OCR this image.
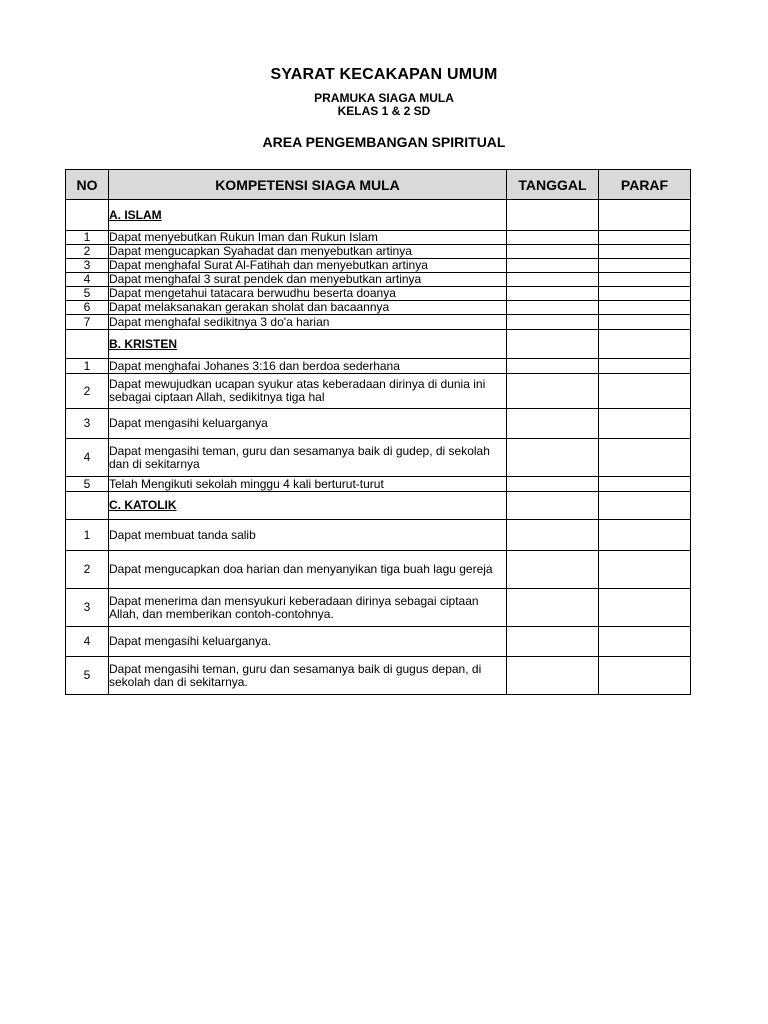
SYARAT KECAKAPAN UMUM
PRAMUKA SIAGA MULA
KELAS 1 & 2 SD
AREA PENGEMBANGAN SPIRITUAL
NO	KOMPETENSI SIAGA MULA	TANGGAL	PARAF
	A. ISLAM		
1	Dapat menyebutkan Rukun Iman dan Rukun Islam		
2	Dapat mengucapkan Syahadat dan menyebutkan artinya		
3	Dapat menghafal Surat Al-Fatihah dan menyebutkan artinya		
4	Dapat menghafal 3 surat pendek dan menyebutkan artinya		
5	Dapat mengetahui tatacara berwudhu beserta doanya		
6	Dapat melaksanakan gerakan sholat dan bacaannya		
7	Dapat menghafal sedikitnya 3 do'a harian		
	B. KRISTEN		
1	Dapat menghafai Johanes 3:16 dan berdoa sederhana		
2	Dapat mewujudkan ucapan syukur atas keberadaan dirinya di dunia ini sebagai ciptaan Allah, sedikitnya tiga hal		
3	Dapat mengasihi keluarganya		
4	Dapat mengasihi teman, guru dan sesamanya baik di gudep, di sekolah dan di sekitarnya		
5	Telah Mengikuti sekolah minggu 4 kali berturut-turut		
	C. KATOLIK		
1	Dapat membuat tanda salib		
2	Dapat mengucapkan doa harian dan menyanyikan tiga buah lagu gereja		
3	Dapat menerima dan mensyukuri keberadaan dirinya sebagai ciptaan Allah, dan memberikan contoh-contohnya.		
4	Dapat mengasihi keluarganya.		
5	Dapat mengasihi teman, guru dan sesamanya baik di gugus depan, di sekolah dan di sekitarnya.		
